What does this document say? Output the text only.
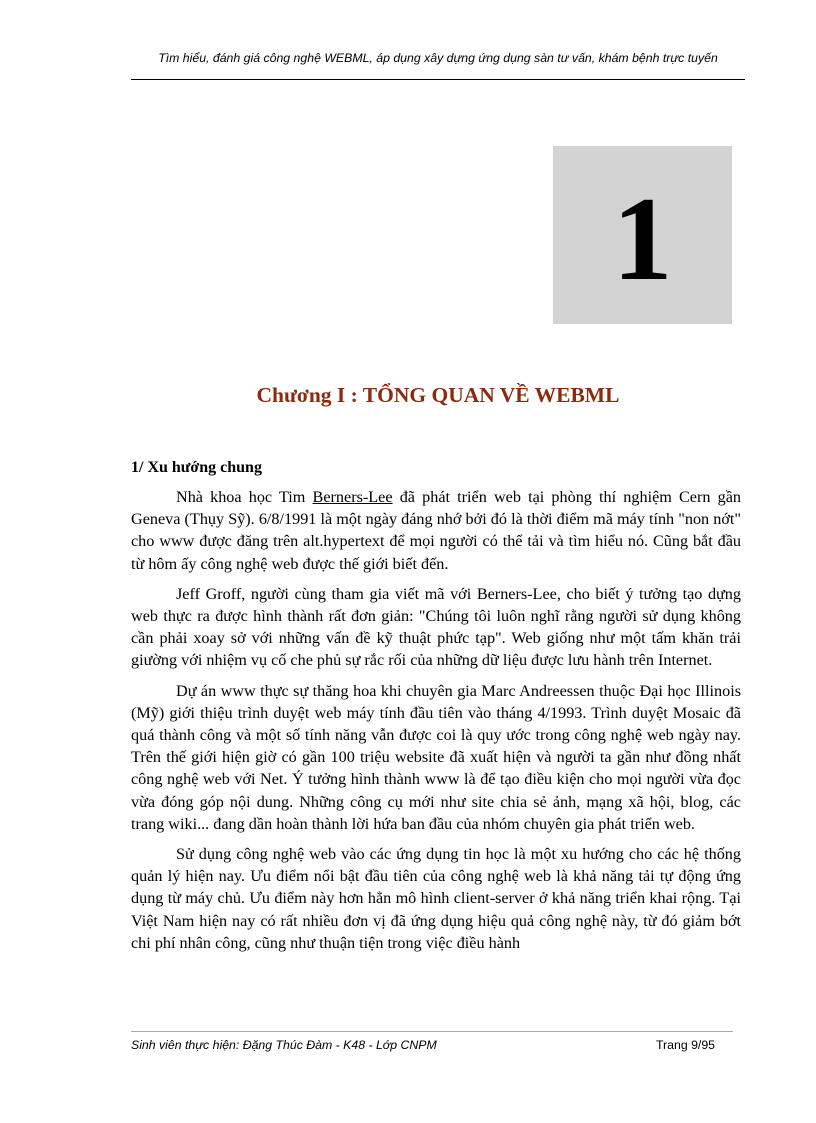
Tìm hiểu, đánh giá công nghệ WEBML, áp dụng xây dựng ứng dụng sàn tư vấn, khám bệnh trực tuyến
1
Chương I : TỔNG QUAN VỀ WEBML
1/ Xu hướng chung

Nhà khoa học Tim Berners-Lee đã phát triển web tại phòng thí nghiệm Cern gần Geneva (Thụy Sỹ). 6/8/1991 là một ngày đáng nhớ bởi đó là thời điểm mã máy tính "non nớt" cho www được đăng trên alt.hypertext để mọi người có thể tải và tìm hiểu nó. Cũng bắt đầu từ hôm ấy công nghệ web được thế giới biết đến.

Jeff Groff, người cùng tham gia viết mã với Berners-Lee, cho biết ý tưởng tạo dựng web thực ra được hình thành rất đơn giản: "Chúng tôi luôn nghĩ rằng người sử dụng không cần phải xoay sở với những vấn đề kỹ thuật phức tạp". Web giống như một tấm khăn trải giường với nhiệm vụ cố che phủ sự rắc rối của những dữ liệu được lưu hành trên Internet.

Dự án www thực sự thăng hoa khi chuyên gia Marc Andreessen thuộc Đại học Illinois (Mỹ) giới thiệu trình duyệt web máy tính đầu tiên vào tháng 4/1993. Trình duyệt Mosaic đã quá thành công và một số tính năng vẫn được coi là quy ước trong công nghệ web ngày nay. Trên thế giới hiện giờ có gần 100 triệu website đã xuất hiện và người ta gần như đồng nhất công nghệ web với Net. Ý tưởng hình thành www là để tạo điều kiện cho mọi người vừa đọc vừa đóng góp nội dung. Những công cụ mới như site chia sẻ ảnh, mạng xã hội, blog, các trang wiki... đang dần hoàn thành lời hứa ban đầu của nhóm chuyên gia phát triển web.

Sử dụng công nghệ web vào các ứng dụng tin học là một xu hướng cho các hệ thống quản lý hiện nay. Ưu điểm nổi bật đầu tiên của công nghệ web là khả năng tải tự động ứng dụng từ máy chủ. Ưu điểm này hơn hẳn mô hình client-server ở khả năng triển khai rộng. Tại Việt Nam hiện nay có rất nhiều đơn vị đã ứng dụng hiệu quả công nghệ này, từ đó giảm bớt chi phí nhân công, cũng như thuận tiện trong việc điều hành

Sinh viên thực hiện: Đặng Thúc Đàm - K48 - Lớp CNPM	Trang 9/95
